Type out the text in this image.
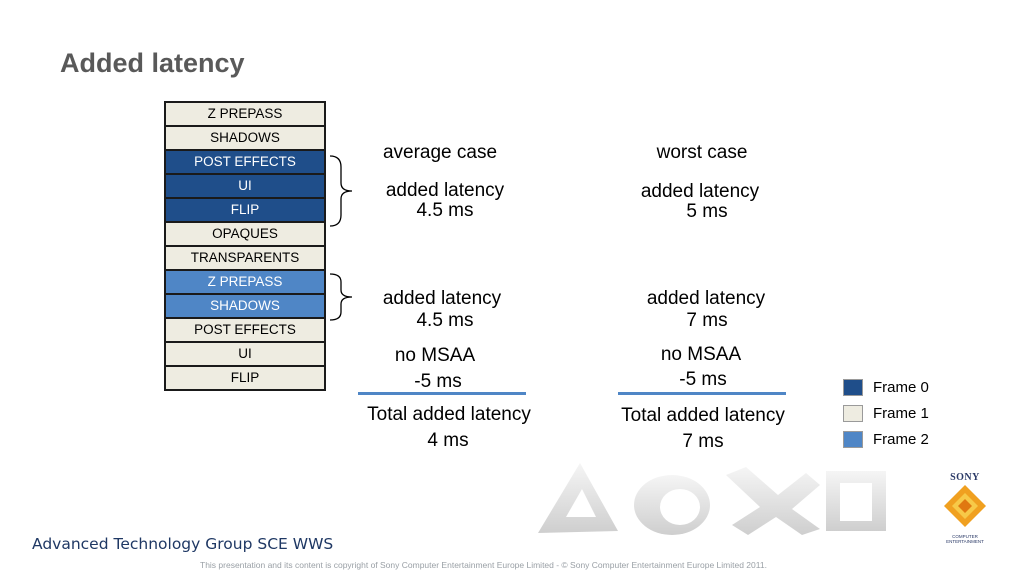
Added latency
Z PREPASS
SHADOWS
POST EFFECTS
UI
FLIP
OPAQUES
TRANSPARENTS
Z PREPASS
SHADOWS
POST EFFECTS
UI
FLIP
average case
added latency
4.5 ms
added latency
4.5 ms
no MSAA
-5 ms
Total added latency
4 ms
worst case
added latency
5 ms
added latency
7 ms
no MSAA
-5 ms
Total added latency
7 ms
Frame 0
Frame 1
Frame 2
SONY
COMPUTER ENTERTAINMENT
Advanced Technology Group SCE WWS
This presentation and its content is copyright of Sony Computer Entertainment Europe Limited - © Sony Computer Entertainment Europe Limited 2011.
